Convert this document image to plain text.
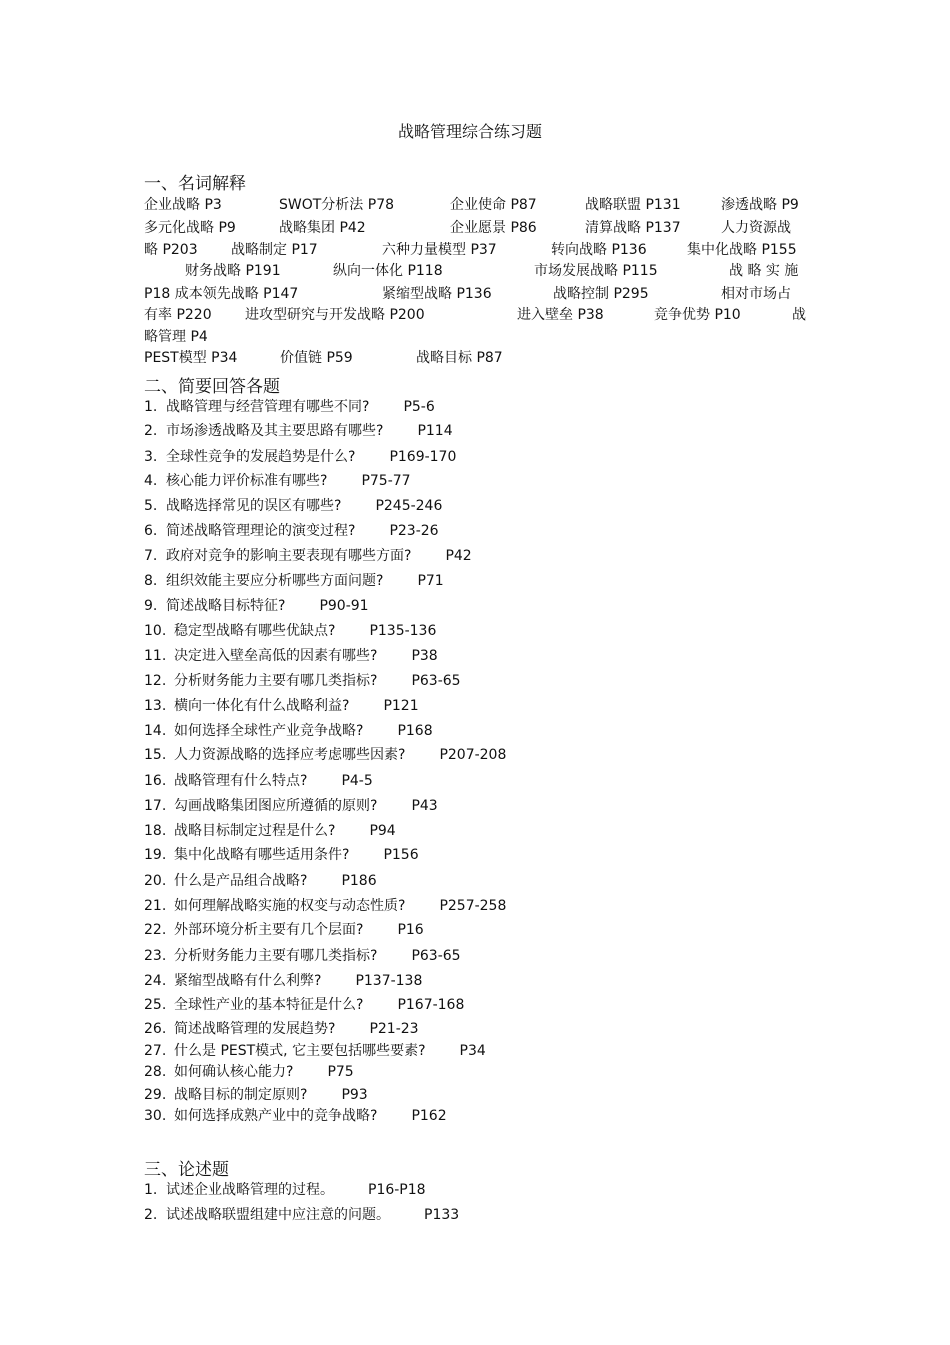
战略管理综合练习题
一、名词解释
企业战略 P3	SWOT分析法 P78	企业使命 P87	战略联盟 P131	渗透战略 P9
多元化战略 P9	战略集团 P42	企业愿景 P86	清算战略 P137	人力资源战
略 P203 战略制定 P17	六种力量模型 P37	转向战略 P136	集中化战略 P155
财务战略 P191	纵向一体化 P118	市场发展战略 P115	战 略 实 施
P18 成本领先战略 P147	紧缩型战略 P136	战略控制 P295	相对市场占
有率 P220 进攻型研究与开发战略 P200	进入壁垒 P38	竞争优势 P10	战
略管理 P4
PEST模型 P34	价值链 P59	战略目标 P87
二、简要回答各题
1. 战略管理与经营管理有哪些不同? P5-6
2. 市场渗透战略及其主要思路有哪些? P114
3. 全球性竞争的发展趋势是什么? P169-170
4. 核心能力评价标准有哪些? P75-77
5. 战略选择常见的误区有哪些? P245-246
6. 简述战略管理理论的演变过程? P23-26
7. 政府对竞争的影响主要表现有哪些方面? P42
8. 组织效能主要应分析哪些方面问题? P71
9. 简述战略目标特征? P90-91
10. 稳定型战略有哪些优缺点? P135-136
11. 决定进入壁垒高低的因素有哪些? P38
12. 分析财务能力主要有哪几类指标? P63-65
13. 横向一体化有什么战略利益? P121
14. 如何选择全球性产业竞争战略? P168
15. 人力资源战略的选择应考虑哪些因素? P207-208
16. 战略管理有什么特点? P4-5
17. 勾画战略集团图应所遵循的原则? P43
18. 战略目标制定过程是什么? P94
19. 集中化战略有哪些适用条件? P156
20. 什么是产品组合战略? P186
21. 如何理解战略实施的权变与动态性质? P257-258
22. 外部环境分析主要有几个层面? P16
23. 分析财务能力主要有哪几类指标? P63-65
24. 紧缩型战略有什么利弊? P137-138
25. 全球性产业的基本特征是什么? P167-168
26. 简述战略管理的发展趋势? P21-23
27. 什么是 PEST模式, 它主要包括哪些要素? P34
28. 如何确认核心能力? P75
29. 战略目标的制定原则? P93
30. 如何选择成熟产业中的竞争战略? P162
三、论述题
1. 试述企业战略管理的过程。 P16-P18
2. 试述战略联盟组建中应注意的问题。 P133
